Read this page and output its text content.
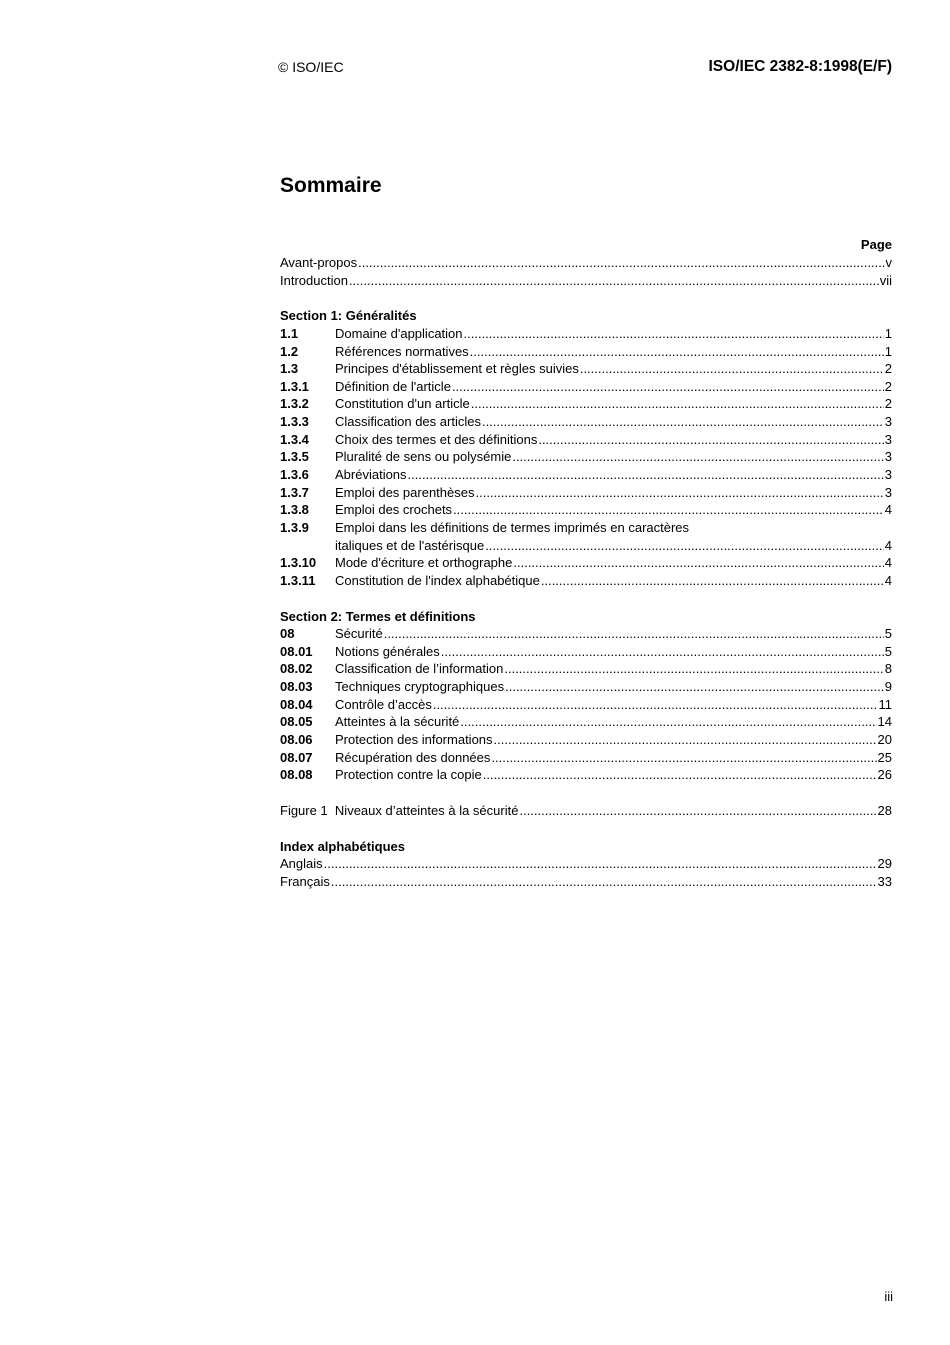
© ISO/IEC	ISO/IEC 2382-8:1998(E/F)
Sommaire
Page
Avant-propos .....	v
Introduction .....	vii
Section 1: Généralités
1.1	Domaine d'application .....	1
1.2	Références normatives .....	1
1.3	Principes d'établissement et règles suivies .....	2
1.3.1	Définition de l'article .....	2
1.3.2	Constitution d'un article .....	2
1.3.3	Classification des articles .....	3
1.3.4	Choix des termes et des définitions .....	3
1.3.5	Pluralité de sens ou polysémie .....	3
1.3.6	Abréviations .....	3
1.3.7	Emploi des parenthèses .....	3
1.3.8	Emploi des crochets .....	4
1.3.9	Emploi dans les définitions de termes imprimés en caractères
italiques et de l'astérisque .....	4
1.3.10	Mode d'écriture et orthographe .....	4
1.3.11	Constitution de l'index alphabétique .....	4
Section 2: Termes et définitions
08	Sécurité .....	5
08.01	Notions générales .....	5
08.02	Classification de l’information .....	8
08.03	Techniques cryptographiques .....	9
08.04	Contrôle d’accès .....	11
08.05	Atteintes à la sécurité .....	14
08.06	Protection des informations .....	20
08.07	Récupération des données .....	25
08.08	Protection contre la copie .....	26
Figure 1  Niveaux d’atteintes à la sécurité .....	28
Index alphabétiques
Anglais .....	29
Français .....	33
iii
